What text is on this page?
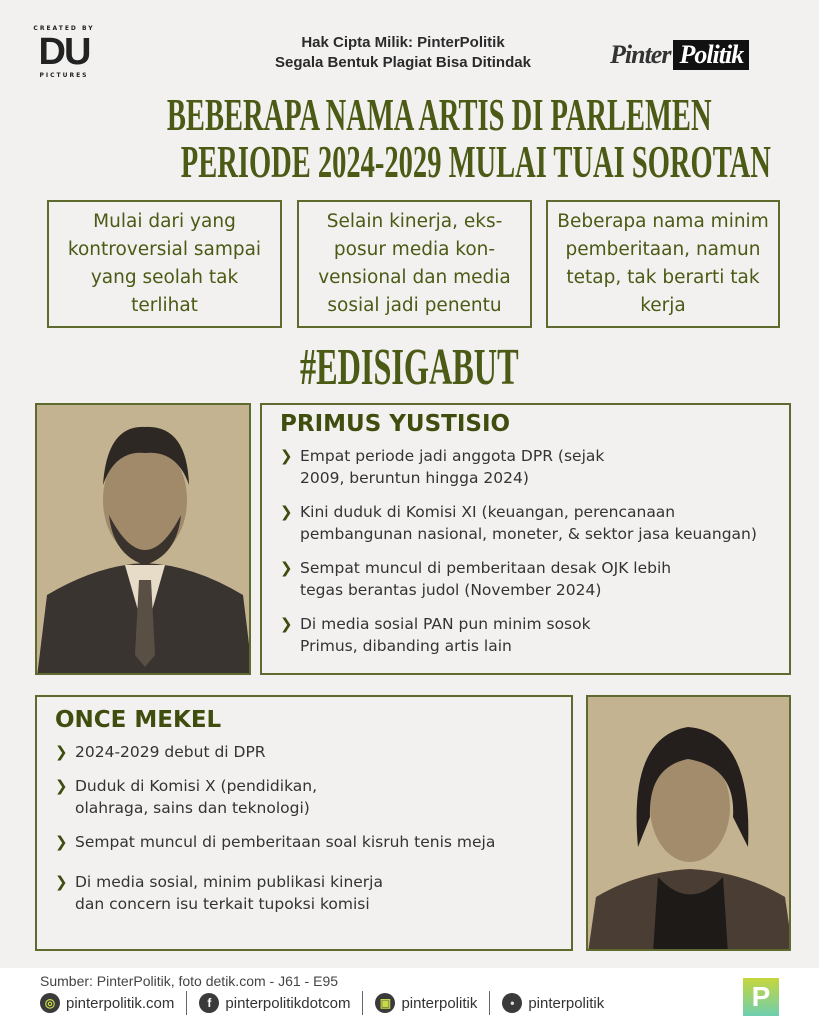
CREATED BY
DU
PICTURES
Hak Cipta Milik: PinterPolitik
Segala Bentuk Plagiat Bisa Ditindak	Pinter Politik
BEBERAPA NAMA ARTIS DI PARLEMEN
PERIODE 2024-2029 MULAI TUAI SOROTAN
Mulai dari yang kontroversial sampai yang seolah tak terlihat
Selain kinerja, eks-posur media kon-vensional dan media sosial jadi penentu
Beberapa nama minim pemberitaan, namun tetap, tak berarti tak kerja
#EDISIGABUT
PRIMUS YUSTISIO
❯ Empat periode jadi anggota DPR (sejak 2009, beruntun hingga 2024)
❯ Kini duduk di Komisi XI (keuangan, perencanaan pembangunan nasional, moneter, & sektor jasa keuangan)
❯ Sempat muncul di pemberitaan desak OJK lebih tegas berantas judol (November 2024)
❯ Di media sosial PAN pun minim sosok Primus, dibanding artis lain
ONCE MEKEL
❯ 2024-2029 debut di DPR
❯ Duduk di Komisi X (pendidikan, olahraga, sains dan teknologi)
❯ Sempat muncul di pemberitaan soal kisruh tenis meja
❯ Di media sosial, minim publikasi kinerja dan concern isu terkait tupoksi komisi
Sumber: PinterPolitik, foto detik.com - J61 - E95
◎ pinterpolitik.com	f pinterpolitikdotcom	▣ pinterpolitik	• pinterpolitik	P
